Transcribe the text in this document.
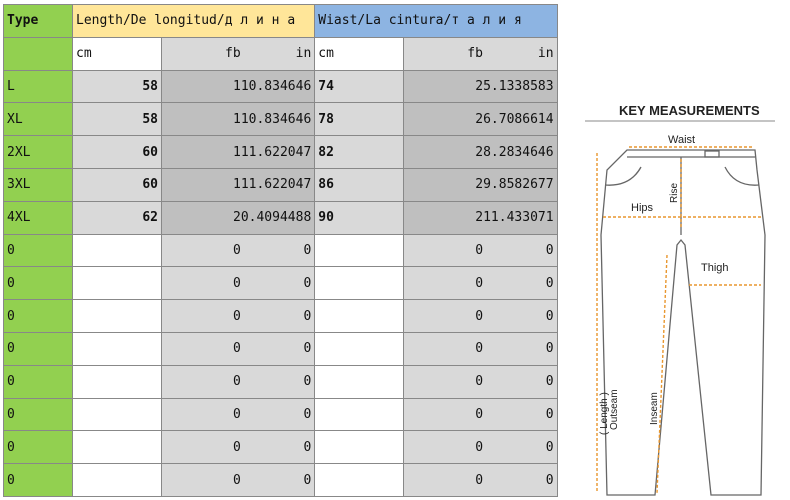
Type	Length/De longitud/д л и н а		Wiast/La cintura/т а л и я	
	cm	fb in	cm	fb in

L	58	1 10.834646	74	2 5.1338583

XL	58	1 10.834646	78	2 6.7086614

2XL	60	1 11.622047	82	2 8.2834646

3XL	60	1 11.622047	86	2 9.8582677

4XL	62	2 0.4094488	90	2 11.433071

0		0 0		0 0

0		0 0		0 0

0		0 0		0 0

0		0 0		0 0

0		0 0		0 0

0		0 0		0 0

0		0 0		0 0

0		0 0		0 0
KEY MEASUREMENTS
Waist
Rise
Hips
Thigh
Inseam
( Length ) Outseam
